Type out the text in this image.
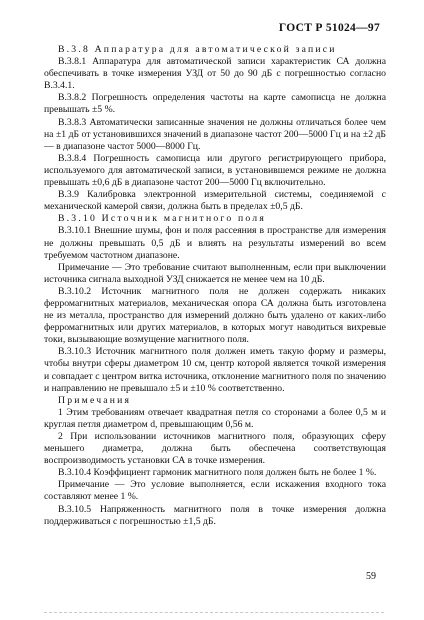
ГОСТ Р 51024—97

В.3.8 Аппаратура для автоматической записи

В.3.8.1 Аппаратура для автоматической записи характеристик СА должна обеспечивать в точке измерения УЗД от 50 до 90 дБ с погрешностью согласно В.3.4.1.

В.3.8.2 Погрешность определения частоты на карте самописца не должна превышать ±5 %.

В.3.8.3 Автоматически записанные значения не должны отличаться более чем на ±1 дБ от установившихся значений в диапазоне частот 200—5000 Гц и на ±2 дБ — в диапазоне частот 5000—8000 Гц.

В.3.8.4 Погрешность самописца или другого регистрирующего прибора, используемого для автоматической записи, в установившемся режиме не должна превышать ±0,6 дБ в диапазоне частот 200—5000 Гц включительно.

В.3.9 Калибровка электронной измерительной системы, соединяемой с механической камерой связи, должна быть в пределах ±0,5 дБ.

В.3.10 Источник магнитного поля

В.3.10.1 Внешние шумы, фон и поля рассеяния в пространстве для измерения не должны превышать 0,5 дБ и влиять на результаты измерений во всем требуемом частотном диапазоне.

Примечание — Это требование считают выполненным, если при выключении источника сигнала выходной УЗД снижается не менее чем на 10 дБ.

В.3.10.2 Источник магнитного поля не должен содержать никаких ферромагнитных материалов, механическая опора СА должна быть изготовлена не из металла, пространство для измерений должно быть удалено от каких-либо ферромагнитных или других материалов, в которых могут наводиться вихревые токи, вызывающие возмущение магнитного поля.

В.3.10.3 Источник магнитного поля должен иметь такую форму и размеры, чтобы внутри сферы диаметром 10 см, центр которой является точкой измерения и совпадает с центром витка источника, отклонение магнитного поля по значению и направлению не превышало ±5 и ±10 % соответственно.

Примечания

1 Этим требованиям отвечает квадратная петля со сторонами a более 0,5 м и круглая петля диаметром d, превышающим 0,56 м.

2 При использовании источников магнитного поля, образующих сферу меньшего диаметра, должна быть обеспечена соответствующая воспроизводимость установки СА в точке измерения.

В.3.10.4 Коэффициент гармоник магнитного поля должен быть не более 1 %.

Примечание — Это условие выполняется, если искажения входного тока составляют менее 1 %.

В.3.10.5 Напряженность магнитного поля в точке измерения должна поддерживаться с погрешностью ±1,5 дБ.

59
